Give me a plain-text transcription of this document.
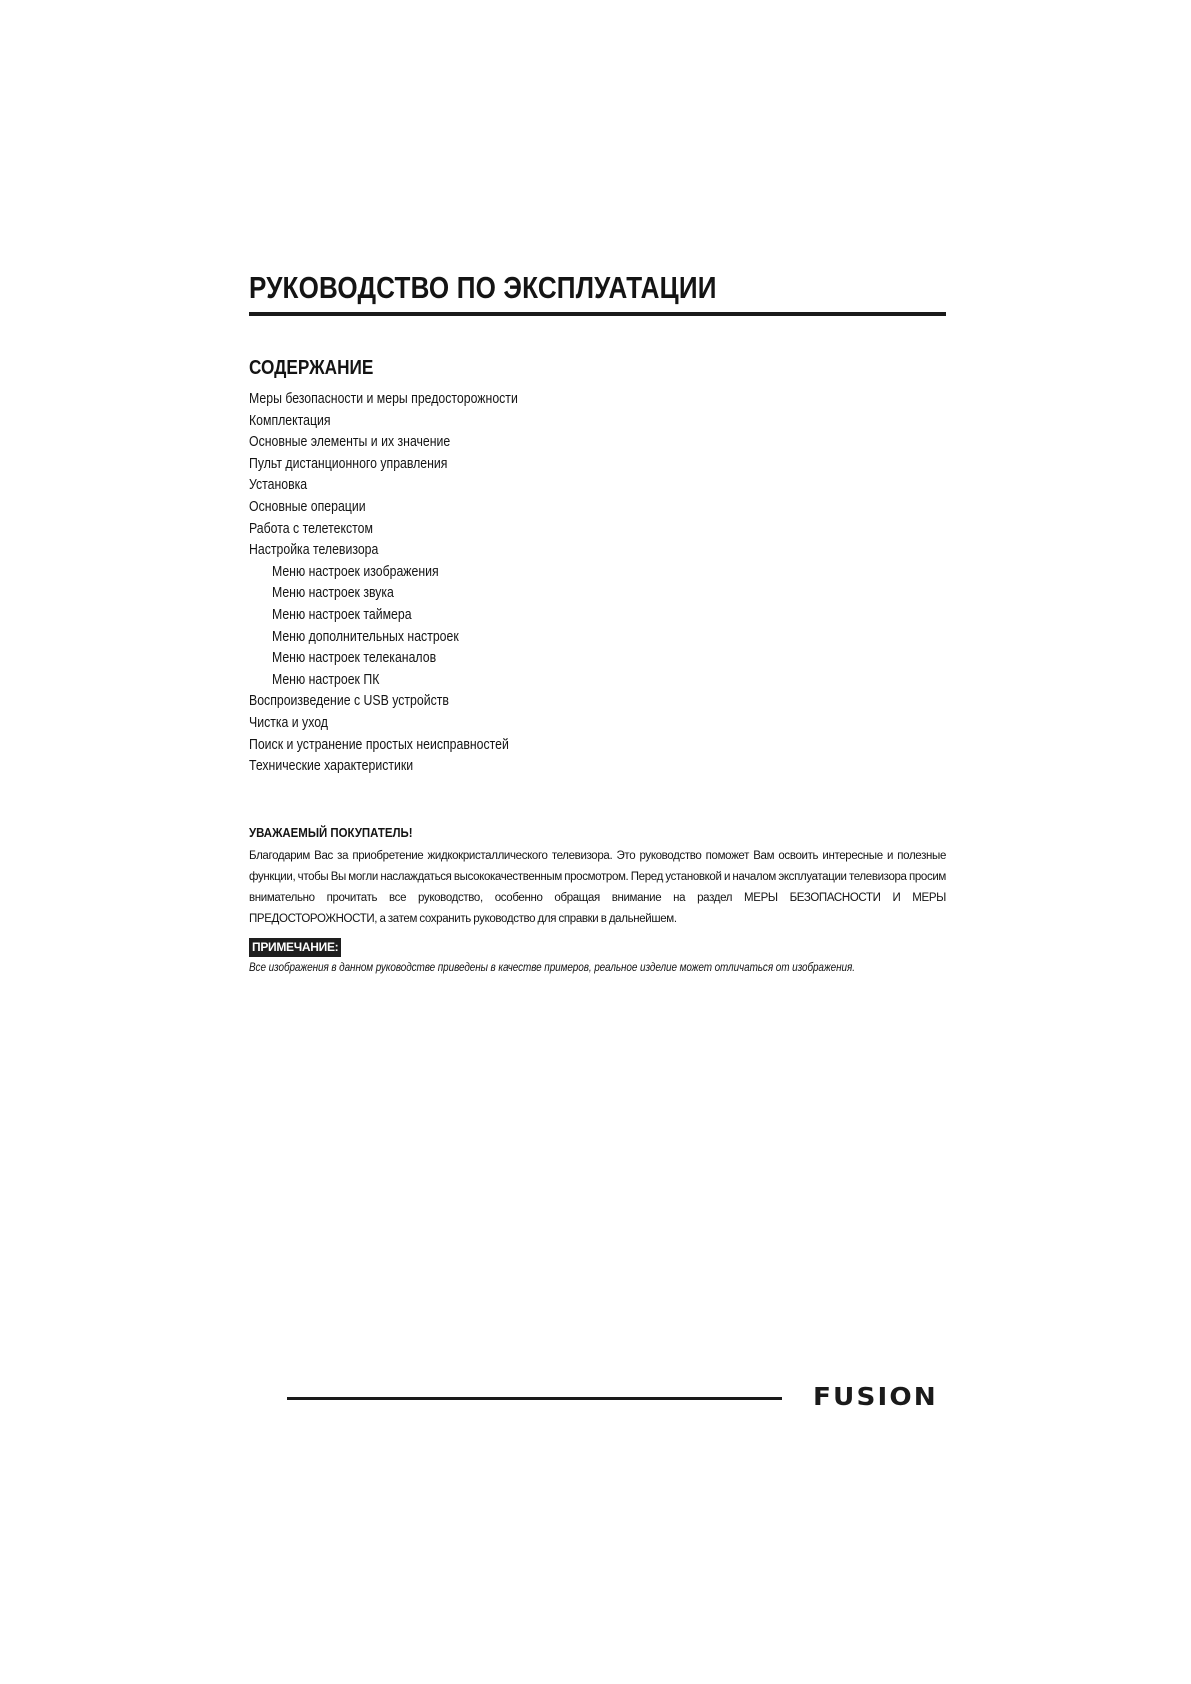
РУКОВОДСТВО ПО ЭКСПЛУАТАЦИИ
СОДЕРЖАНИЕ
Меры безопасности и меры предосторожности
Комплектация
Основные элементы и их значение
Пульт дистанционного управления
Установка
Основные операции
Работа с телетекстом
Настройка телевизора
Меню настроек изображения
Меню настроек звука
Меню настроек таймера
Меню дополнительных настроек
Меню настроек телеканалов
Меню настроек ПК
Воспроизведение с USB устройств
Чистка и уход
Поиск и устранение простых неисправностей
Технические характеристики
УВАЖАЕМЫЙ ПОКУПАТЕЛЬ!

Благодарим Вас за приобретение жидкокристаллического телевизора. Это руководство поможет Вам освоить интересные и полезные функции, чтобы Вы могли наслаждаться высококачественным просмотром. Перед установкой и началом эксплуатации телевизора просим внимательно прочитать все руководство, особенно обращая внимание на раздел МЕРЫ БЕЗОПАСНОСТИ И МЕРЫ ПРЕДОСТОРОЖНОСТИ, а затем сохранить руководство для справки в дальнейшем.

ПРИМЕЧАНИЕ:

Все изображения в данном руководстве приведены в качестве примеров, реальное изделие может отличаться от изображения.

FUSION
